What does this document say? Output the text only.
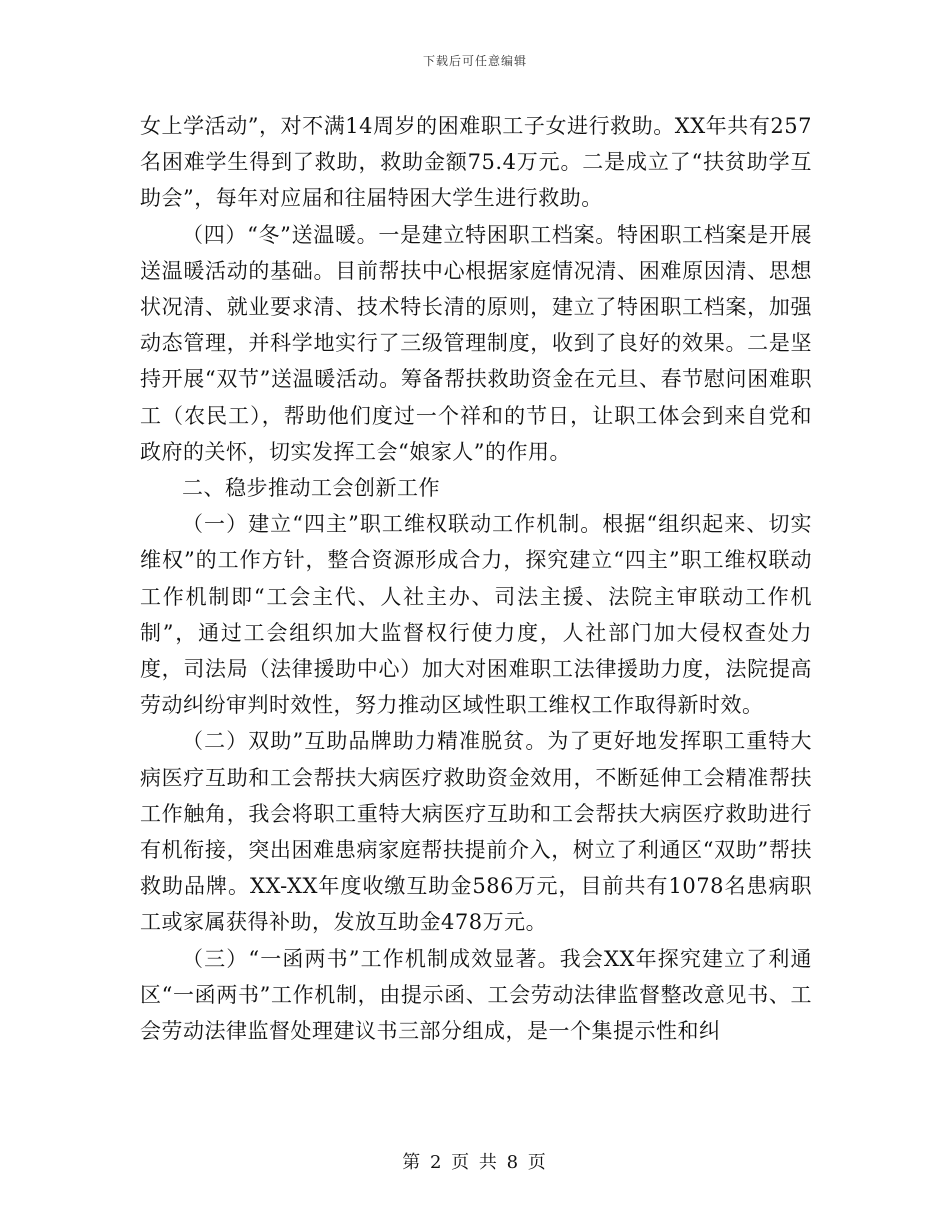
下载后可任意编辑

女上学活动”，对不满14周岁的困难职工子女进行救助。XX年共有257名困难学生得到了救助，救助金额75.4万元。二是成立了“扶贫助学互助会”，每年对应届和往届特困大学生进行救助。

（四）“冬”送温暖。一是建立特困职工档案。特困职工档案是开展送温暖活动的基础。目前帮扶中心根据家庭情况清、困难原因清、思想状况清、就业要求清、技术特长清的原则，建立了特困职工档案，加强动态管理，并科学地实行了三级管理制度，收到了良好的效果。二是坚持开展“双节”送温暖活动。筹备帮扶救助资金在元旦、春节慰问困难职工（农民工），帮助他们度过一个祥和的节日，让职工体会到来自党和政府的关怀，切实发挥工会“娘家人”的作用。

二、稳步推动工会创新工作

（一）建立“四主”职工维权联动工作机制。根据“组织起来、切实维权”的工作方针，整合资源形成合力，探究建立“四主”职工维权联动工作机制即“工会主代、人社主办、司法主援、法院主审联动工作机制”，通过工会组织加大监督权行使力度，人社部门加大侵权查处力度，司法局（法律援助中心）加大对困难职工法律援助力度，法院提高劳动纠纷审判时效性，努力推动区域性职工维权工作取得新时效。

（二）双助”互助品牌助力精准脱贫。为了更好地发挥职工重特大病医疗互助和工会帮扶大病医疗救助资金效用，不断延伸工会精准帮扶工作触角，我会将职工重特大病医疗互助和工会帮扶大病医疗救助进行有机衔接，突出困难患病家庭帮扶提前介入，树立了利通区“双助”帮扶救助品牌。XX-XX年度收缴互助金586万元，目前共有1078名患病职工或家属获得补助，发放互助金478万元。

（三）“一函两书”工作机制成效显著。我会XX年探究建立了利通区“一函两书”工作机制，由提示函、工会劳动法律监督整改意见书、工会劳动法律监督处理建议书三部分组成，是一个集提示性和纠

第 2 页 共 8 页
